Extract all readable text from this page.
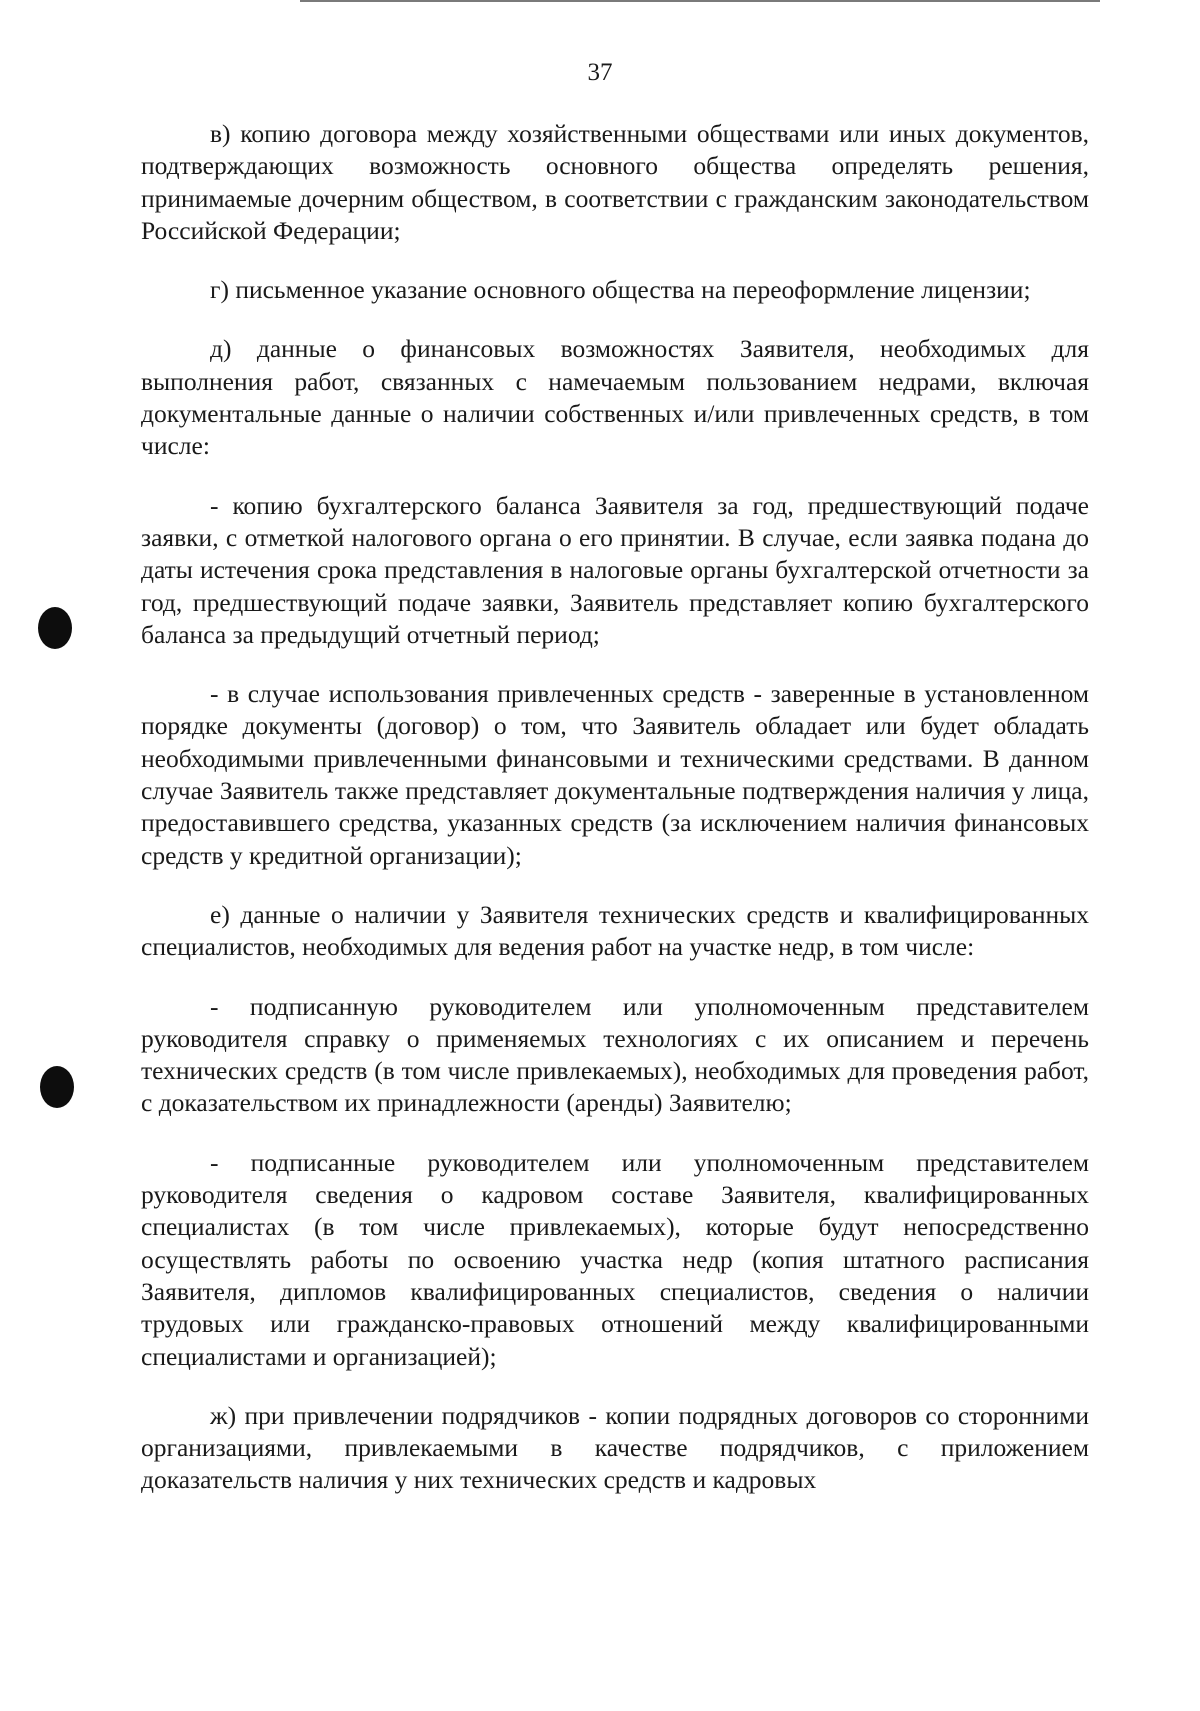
37

в) копию договора между хозяйственными обществами или иных документов, подтверждающих возможность основного общества определять решения, принимаемые дочерним обществом, в соответствии с гражданским законодательством Российской Федерации;

г) письменное указание основного общества на переоформление лицензии;

д) данные о финансовых возможностях Заявителя, необходимых для выполнения работ, связанных с намечаемым пользованием недрами, включая документальные данные о наличии собственных и/или привлеченных средств, в том числе:

- копию бухгалтерского баланса Заявителя за год, предшествующий подаче заявки, с отметкой налогового органа о его принятии. В случае, если заявка подана до даты истечения срока представления в налоговые органы бухгалтерской отчетности за год, предшествующий подаче заявки, Заявитель представляет копию бухгалтерского баланса за предыдущий отчетный период;

- в случае использования привлеченных средств - заверенные в установленном порядке документы (договор) о том, что Заявитель обладает или будет обладать необходимыми привлеченными финансовыми и техническими средствами. В данном случае Заявитель также представляет документальные подтверждения наличия у лица, предоставившего средства, указанных средств (за исключением наличия финансовых средств у кредитной организации);

е) данные о наличии у Заявителя технических средств и квалифицированных специалистов, необходимых для ведения работ на участке недр, в том числе:

- подписанную руководителем или уполномоченным представителем руководителя справку о применяемых технологиях с их описанием и перечень технических средств (в том числе привлекаемых), необходимых для проведения работ, с доказательством их принадлежности (аренды) Заявителю;

- подписанные руководителем или уполномоченным представителем руководителя сведения о кадровом составе Заявителя, квалифицированных специалистах (в том числе привлекаемых), которые будут непосредственно осуществлять работы по освоению участка недр (копия штатного расписания Заявителя, дипломов квалифицированных специалистов, сведения о наличии трудовых или гражданско-правовых отношений между квалифицированными специалистами и организацией);

ж) при привлечении подрядчиков - копии подрядных договоров со сторонними организациями, привлекаемыми в качестве подрядчиков, с приложением доказательств наличия у них технических средств и кадровых
